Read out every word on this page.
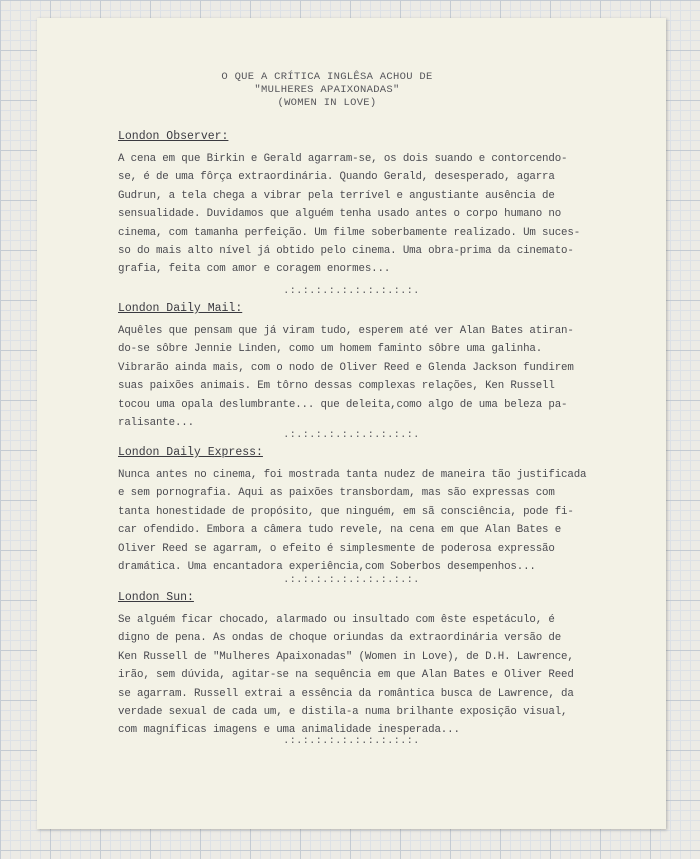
O QUE A CRÍTICA INGLÊSA ACHOU DE
"MULHERES APAIXONADAS"
(WOMEN IN LOVE)
London Observer:
A cena em que Birkin e Gerald agarram-se, os dois suando e contorcendo-
se, é de uma fôrça extraordinária. Quando Gerald, desesperado, agarra
Gudrun, a tela chega a vibrar pela terrível e angustiante ausência de
sensualidade. Duvidamos que alguém tenha usado antes o corpo humano no
cinema, com tamanha perfeição. Um filme soberbamente realizado. Um suces-
so do mais alto nível já obtido pelo cinema. Uma obra-prima da cinemato-
grafia, feita com amor e coragem enormes...
.:.:.:.:.:.:.:.:.:.:.
London Daily Mail:
Aquêles que pensam que já viram tudo, esperem até ver Alan Bates atiran-
do-se sôbre Jennie Linden, como um homem faminto sôbre uma galinha.
Vibrarão ainda mais, com o nodo de Oliver Reed e Glenda Jackson fundirem
suas paixões animais. Em tôrno dessas complexas relações, Ken Russell
tocou uma opala deslumbrante... que deleita,como algo de uma beleza pa-
ralisante...
.:.:.:.:.:.:.:.:.:.:.
London Daily Express:
Nunca antes no cinema, foi mostrada tanta nudez de maneira tão justificada
e sem pornografia. Aqui as paixões transbordam, mas são expressas com
tanta honestidade de propósito, que ninguém, em sã consciência, pode fi-
car ofendido. Embora a câmera tudo revele, na cena em que Alan Bates e
Oliver Reed se agarram, o efeito é simplesmente de poderosa expressão
dramática. Uma encantadora experiência,com Soberbos desempenhos...
.:.:.:.:.:.:.:.:.:.:.
London Sun:
Se alguém ficar chocado, alarmado ou insultado com êste espetáculo, é
digno de pena. As ondas de choque oriundas da extraordinária versão de
Ken Russell de "Mulheres Apaixonadas" (Women in Love), de D.H. Lawrence,
irão, sem dúvida, agitar-se na sequência em que Alan Bates e Oliver Reed
se agarram. Russell extrai a essência da romântica busca de Lawrence, da
verdade sexual de cada um, e distila-a numa brilhante exposição visual,
com magníficas imagens e uma animalidade inesperada...
.:.:.:.:.:.:.:.:.:.:.
